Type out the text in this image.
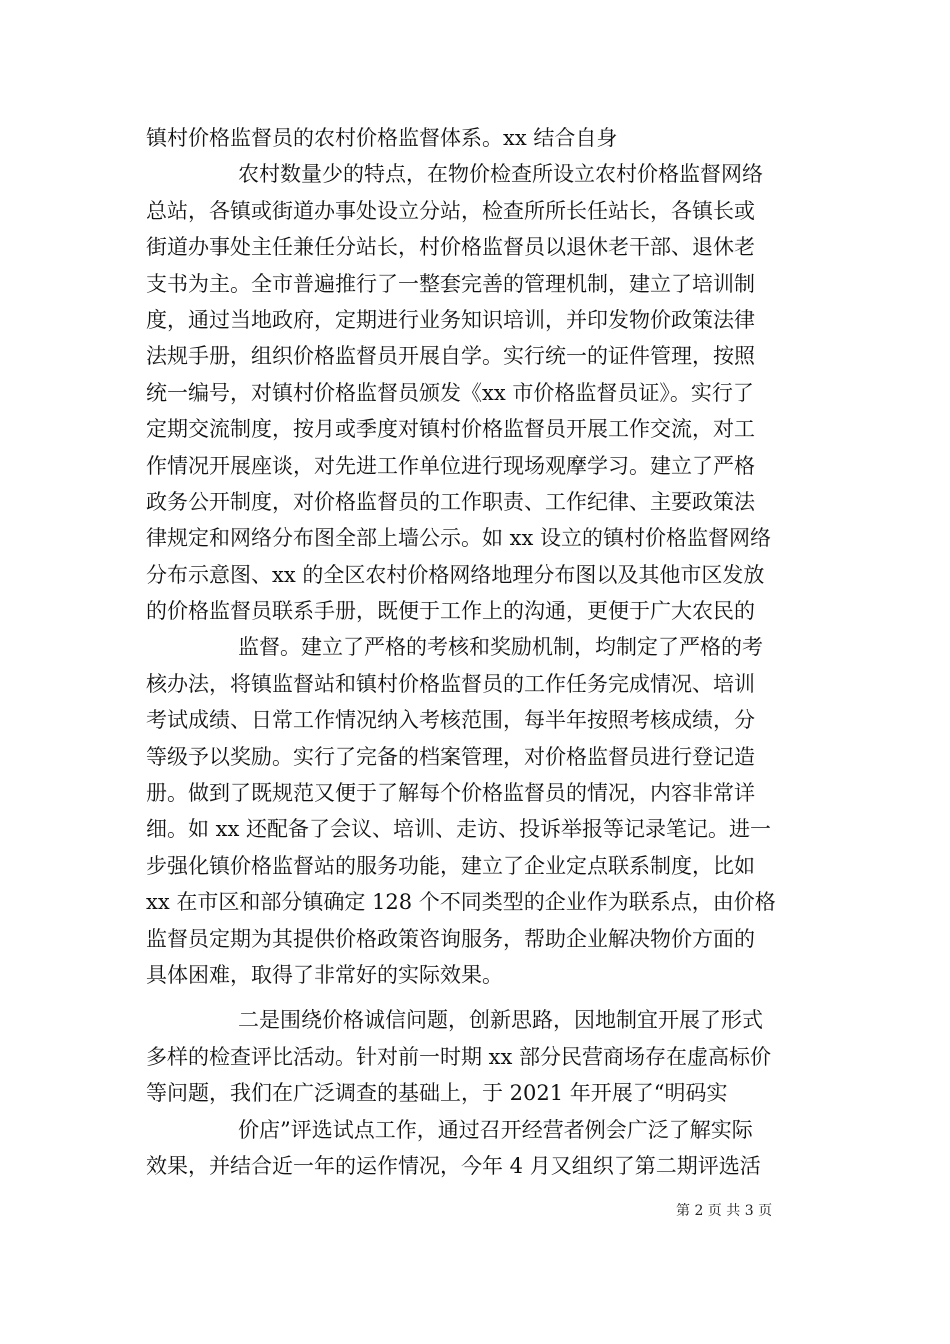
镇村价格监督员的农村价格监督体系。xx 结合自身
农村数量少的特点，在物价检查所设立农村价格监督网络
总站，各镇或街道办事处设立分站，检查所所长任站长，各镇长或
街道办事处主任兼任分站长，村价格监督员以退休老干部、退休老
支书为主。全市普遍推行了一整套完善的管理机制，建立了培训制
度，通过当地政府，定期进行业务知识培训，并印发物价政策法律
法规手册，组织价格监督员开展自学。实行统一的证件管理，按照
统一编号，对镇村价格监督员颁发《xx 市价格监督员证》。实行了
定期交流制度，按月或季度对镇村价格监督员开展工作交流，对工
作情况开展座谈，对先进工作单位进行现场观摩学习。建立了严格
政务公开制度，对价格监督员的工作职责、工作纪律、主要政策法
律规定和网络分布图全部上墙公示。如 xx 设立的镇村价格监督网络
分布示意图、xx 的全区农村价格网络地理分布图以及其他市区发放
的价格监督员联系手册，既便于工作上的沟通，更便于广大农民的
监督。建立了严格的考核和奖励机制，均制定了严格的考
核办法，将镇监督站和镇村价格监督员的工作任务完成情况、培训
考试成绩、日常工作情况纳入考核范围，每半年按照考核成绩，分
等级予以奖励。实行了完备的档案管理，对价格监督员进行登记造
册。做到了既规范又便于了解每个价格监督员的情况，内容非常详
细。如 xx 还配备了会议、培训、走访、投诉举报等记录笔记。进一
步强化镇价格监督站的服务功能，建立了企业定点联系制度，比如
xx 在市区和部分镇确定 128 个不同类型的企业作为联系点，由价格
监督员定期为其提供价格政策咨询服务，帮助企业解决物价方面的
具体困难，取得了非常好的实际效果。
二是围绕价格诚信问题，创新思路，因地制宜开展了形式
多样的检查评比活动。针对前一时期 xx 部分民营商场存在虚高标价
等问题，我们在广泛调查的基础上，于 2021 年开展了“明码实
价店”评选试点工作，通过召开经营者例会广泛了解实际
效果，并结合近一年的运作情况，今年 4 月又组织了第二期评选活
第 2 页 共 3 页
